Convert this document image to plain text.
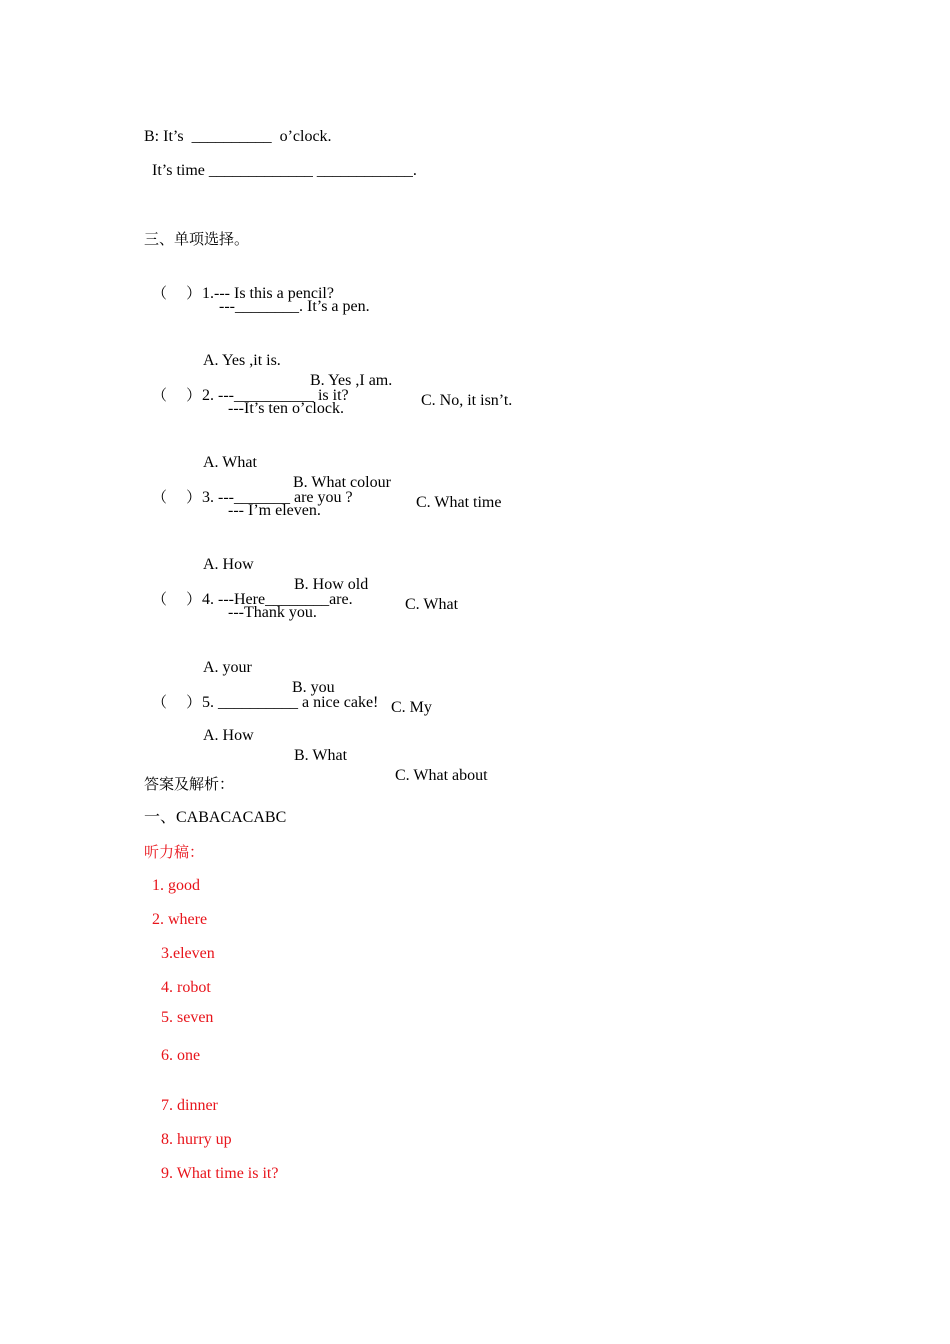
B: It’s  __________  o’clock.
It’s time _____________ ____________.
三、单项选择。

（    ）1.--- Is this a pencil?

---________. It’s a pen.

A. Yes ,it is.

B. Yes ,I am.

C. No, it isn’t.

（    ）2. ---__________ is it?

---It’s ten o’clock.

A. What

B. What colour

C. What time

（    ）3. ---_______ are you ?

--- I’m eleven.

A. How

B. How old

C. What

（    ）4. ---Here________are.

---Thank you.

A. your

B. you

C. My

（    ）5. __________ a nice cake!

A. How

B. What

C. What about

答案及解析：
一、CABACACABC
听力稿：
1. good
2. where
3.eleven
4. robot
5. seven
6. one
7. dinner
8. hurry up
9. What time is it?
